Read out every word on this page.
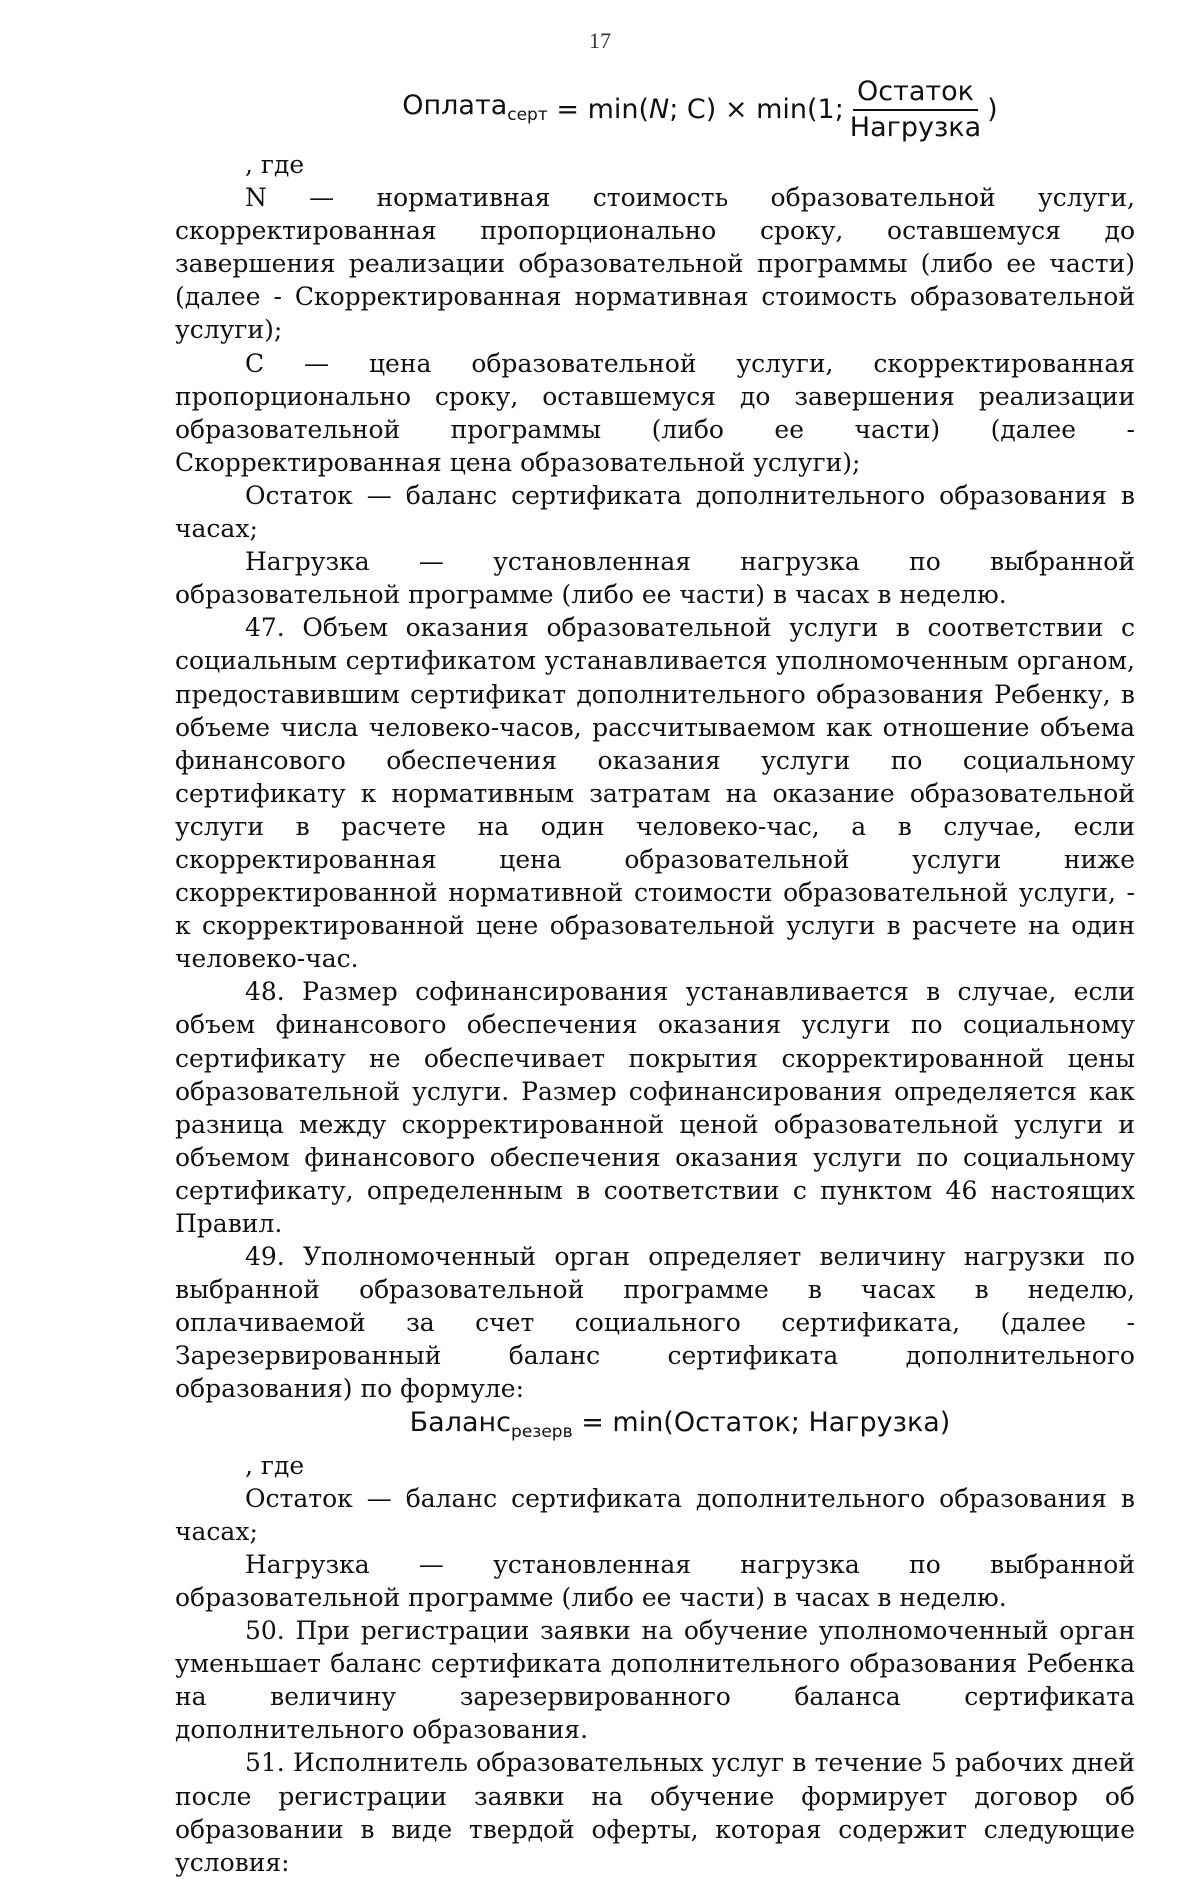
17
Оплата$_{серт}$
=
min( N ; С) × min(1; $\frac{\text{Остаток}}{\text{Нагрузка}}$ )

, где

N — нормативная стоимость образовательной услуги, скорректированная пропорционально сроку, оставшемуся до завершения реализации образовательной программы (либо ее части) (далее - Скорректированная нормативная стоимость образовательной услуги);

С — цена образовательной услуги, скорректированная пропорционально сроку, оставшемуся до завершения реализации образовательной программы (либо ее части) (далее - Скорректированная цена образовательной услуги);

Остаток — баланс сертификата дополнительного образования в часах;

Нагрузка — установленная нагрузка по выбранной образовательной программе (либо ее части) в часах в неделю.

47. Объем оказания образовательной услуги в соответствии с социальным сертификатом устанавливается уполномоченным органом, предоставившим сертификат дополнительного образования Ребенку, в объеме числа человеко-часов, рассчитываемом как отношение объема финансового обеспечения оказания услуги по социальному сертификату к нормативным затратам на оказание образовательной услуги в расчете на один человеко-час, а в случае, если скорректированная цена образовательной услуги ниже скорректированной нормативной стоимости образовательной услуги, - к скорректированной цене образовательной услуги в расчете на один человеко-час.

48. Размер софинансирования устанавливается в случае, если объем финансового обеспечения оказания услуги по социальному сертификату не обеспечивает покрытия скорректированной цены образовательной услуги. Размер софинансирования определяется как разница между скорректированной ценой образовательной услуги и объемом финансового обеспечения оказания услуги по социальному сертификату, определенным в соответствии с пунктом 46 настоящих Правил.

49. Уполномоченный орган определяет величину нагрузки по выбранной образовательной программе в часах в неделю, оплачиваемой за счет социального сертификата, (далее - Зарезервированный баланс сертификата дополнительного образования) по формуле:

Баланс$_{резерв}$ = min(Остаток; Нагрузка)

, где

Остаток — баланс сертификата дополнительного образования в часах;

Нагрузка — установленная нагрузка по выбранной образовательной программе (либо ее части) в часах в неделю.

50. При регистрации заявки на обучение уполномоченный орган уменьшает баланс сертификата дополнительного образования Ребенка на величину зарезервированного баланса сертификата дополнительного образования.

51. Исполнитель образовательных услуг в течение 5 рабочих дней после регистрации заявки на обучение формирует договор об образовании в виде твердой оферты, которая содержит следующие условия:
